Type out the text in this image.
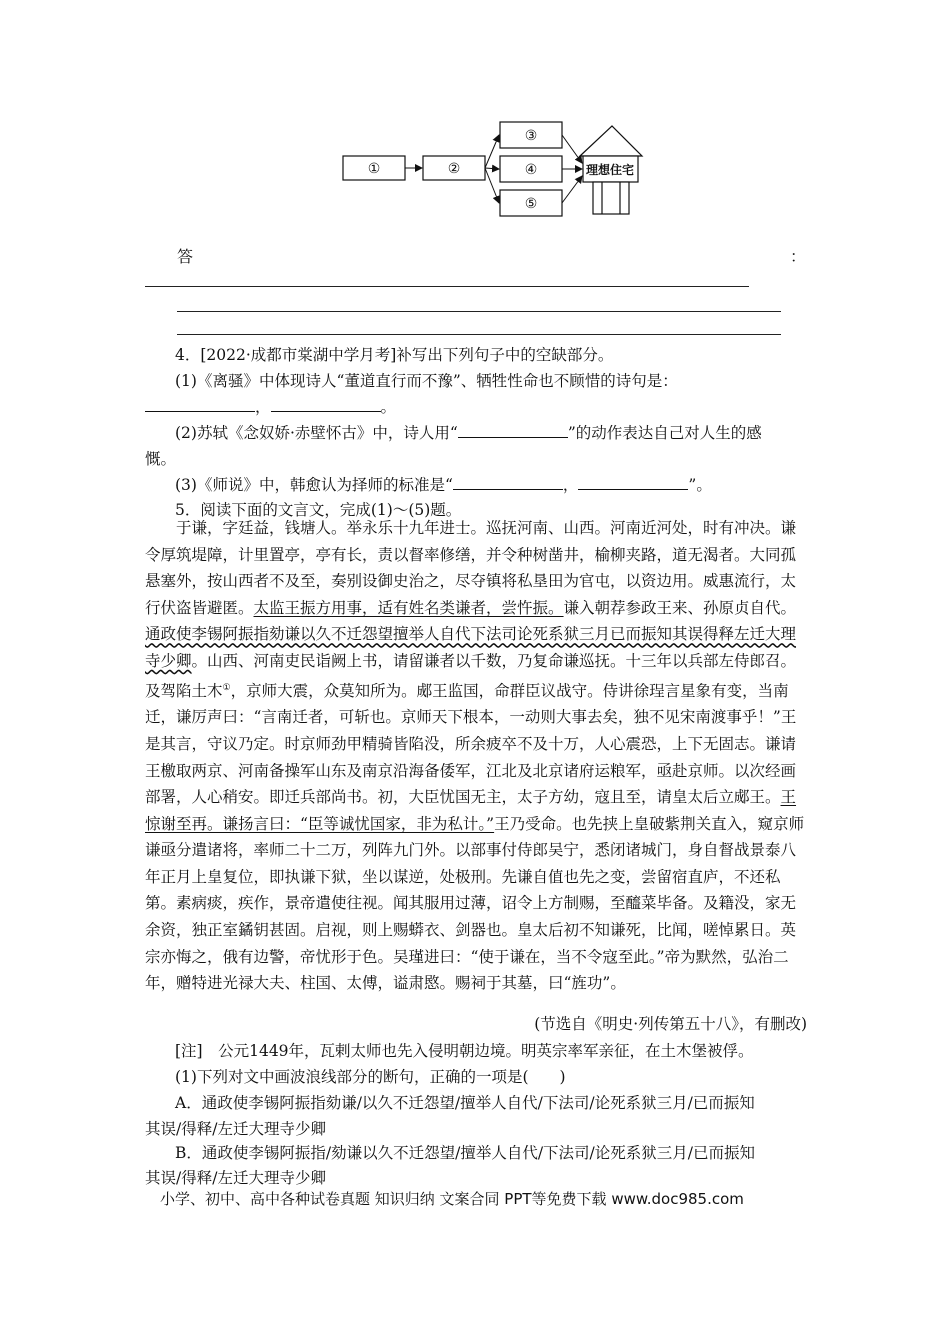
①	②
③
④
⑤
理想住宅
答	：
4．[2022·成都市棠湖中学月考]补写出下列句子中的空缺部分。
(1)《离骚》中体现诗人“董道直行而不豫”、牺牲性命也不顾惜的诗句是：
，	。
(2)苏轼《念奴娇·赤壁怀古》中，诗人用“	”的动作表达自己对人生的感
慨。
(3)《师说》中，韩愈认为择师的标准是“	，	”。
5．阅读下面的文言文，完成(1)～(5)题。
于谦，字廷益，钱塘人。举永乐十九年进士。巡抚河南、山西。河南近河处，时有冲决。谦令厚筑堤障，计里置亭，亭有长，责以督率修缮，并令种树凿井，榆柳夹路，道无渴者。大同孤悬塞外，按山西者不及至，奏别设御史治之，尽夺镇将私垦田为官屯，以资边用。威惠流行，太行伏盗皆避匿。太监王振方用事，适有姓名类谦者，尝忤振。谦入朝荐参政王来、孙原贞自代。通政使李锡阿振指劾谦以久不迁怨望擅举人自代下法司论死系狱三月已而振知其误得释左迁大理寺少卿。山西、河南吏民诣阙上书，请留谦者以千数，乃复命谦巡抚。十三年以兵部左侍郎召。及驾陷土木①，京师大震，众莫知所为。郕王监国，命群臣议战守。侍讲徐珵言星象有变，当南迁，谦厉声曰：“言南迁者，可斩也。京师天下根本，一动则大事去矣，独不见宋南渡事乎！”王是其言，守议乃定。时京师劲甲精骑皆陷没，所余疲卒不及十万，人心震恐，上下无固志。谦请王檄取两京、河南备操军山东及南京沿海备倭军，江北及北京诸府运粮军，亟赴京师。以次经画部署，人心稍安。即迁兵部尚书。初，大臣忧国无主，太子方幼，寇且至，请皇太后立郕王。王惊谢至再。谦扬言曰：“臣等诚忧国家，非为私计。”王乃受命。也先挟上皇破紫荆关直入，窥京师谦亟分遣诸将，率师二十二万，列阵九门外。以部事付侍郎吴宁，悉闭诸城门，身自督战景泰八年正月上皇复位，即执谦下狱，坐以谋逆，处极刑。先谦自值也先之变，尝留宿直庐，不还私第。素病痰，疾作，景帝遣使往视。闻其服用过薄，诏令上方制赐，至醯菜毕备。及籍没，家无余资，独正室鐍钥甚固。启视，则上赐蟒衣、剑器也。皇太后初不知谦死，比闻，嗟悼累日。英宗亦悔之，俄有边警，帝忧形于色。吴瑾进曰：“使于谦在，当不令寇至此。”帝为默然，弘治二年，赠特进光禄大夫、柱国、太傅，谥肃愍。赐祠于其墓，曰“旌功”。
(节选自《明史·列传第五十八》，有删改)
[注]　公元1449年，瓦剌太师也先入侵明朝边境。明英宗率军亲征，在土木堡被俘。
(1)下列对文中画波浪线部分的断句，正确的一项是(　　)
A．通政使李锡阿振指劾谦/以久不迁怨望/擅举人自代/下法司/论死系狱三月/已而振知
其误/得释/左迁大理寺少卿
B．通政使李锡阿振指/劾谦以久不迁怨望/擅举人自代/下法司/论死系狱三月/已而振知
其误/得释/左迁大理寺少卿
小学、初中、高中各种试卷真题 知识归纳 文案合同 PPT等免费下载 www.doc985.com
